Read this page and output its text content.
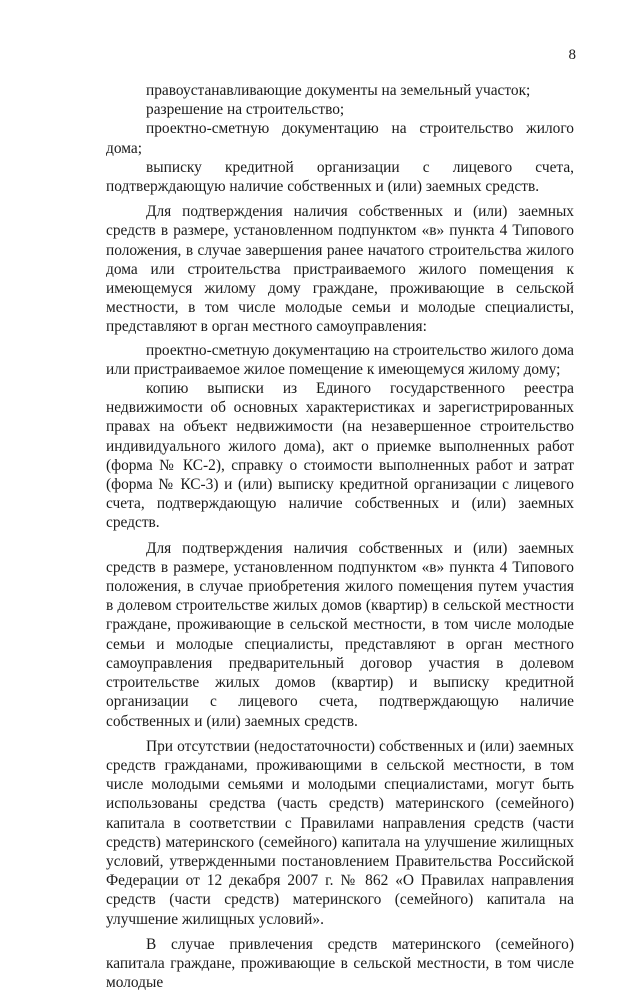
8

правоустанавливающие документы на земельный участок;

разрешение на строительство;

проектно-сметную документацию на строительство жилого дома;

выписку кредитной организации с лицевого счета, подтверждающую наличие собственных и (или) заемных средств.

Для подтверждения наличия собственных и (или) заемных средств в размере, установленном подпунктом «в» пункта 4 Типового положения, в случае завершения ранее начатого строительства жилого дома или строительства пристраиваемого жилого помещения к имеющемуся жилому дому граждане, проживающие в сельской местности, в том числе молодые семьи и молодые специалисты, представляют в орган местного самоуправления:

проектно-сметную документацию на строительство жилого дома или пристраиваемое жилое помещение к имеющемуся жилому дому;

копию выписки из Единого государственного реестра недвижимости об основных характеристиках и зарегистрированных правах на объект недвижимости (на незавершенное строительство индивидуального жилого дома), акт о приемке выполненных работ (форма № КС-2), справку о стоимости выполненных работ и затрат (форма № КС-3) и (или) выписку кредитной организации с лицевого счета, подтверждающую наличие собственных и (или) заемных средств.

Для подтверждения наличия собственных и (или) заемных средств в размере, установленном подпунктом «в» пункта 4 Типового положения, в случае приобретения жилого помещения путем участия в долевом строительстве жилых домов (квартир) в сельской местности граждане, проживающие в сельской местности, в том числе молодые семьи и молодые специалисты, представляют в орган местного самоуправления предварительный договор участия в долевом строительстве жилых домов (квартир) и выписку кредитной организации с лицевого счета, подтверждающую наличие собственных и (или) заемных средств.

При отсутствии (недостаточности) собственных и (или) заемных средств гражданами, проживающими в сельской местности, в том числе молодыми семьями и молодыми специалистами, могут быть использованы средства (часть средств) материнского (семейного) капитала в соответствии с Правилами направления средств (части средств) материнского (семейного) капитала на улучшение жилищных условий, утвержденными постановлением Правительства Российской Федерации от 12 декабря 2007 г. № 862 «О Правилах направления средств (части средств) материнского (семейного) капитала на улучшение жилищных условий».

В случае привлечения средств материнского (семейного) капитала граждане, проживающие в сельской местности, в том числе молодые
